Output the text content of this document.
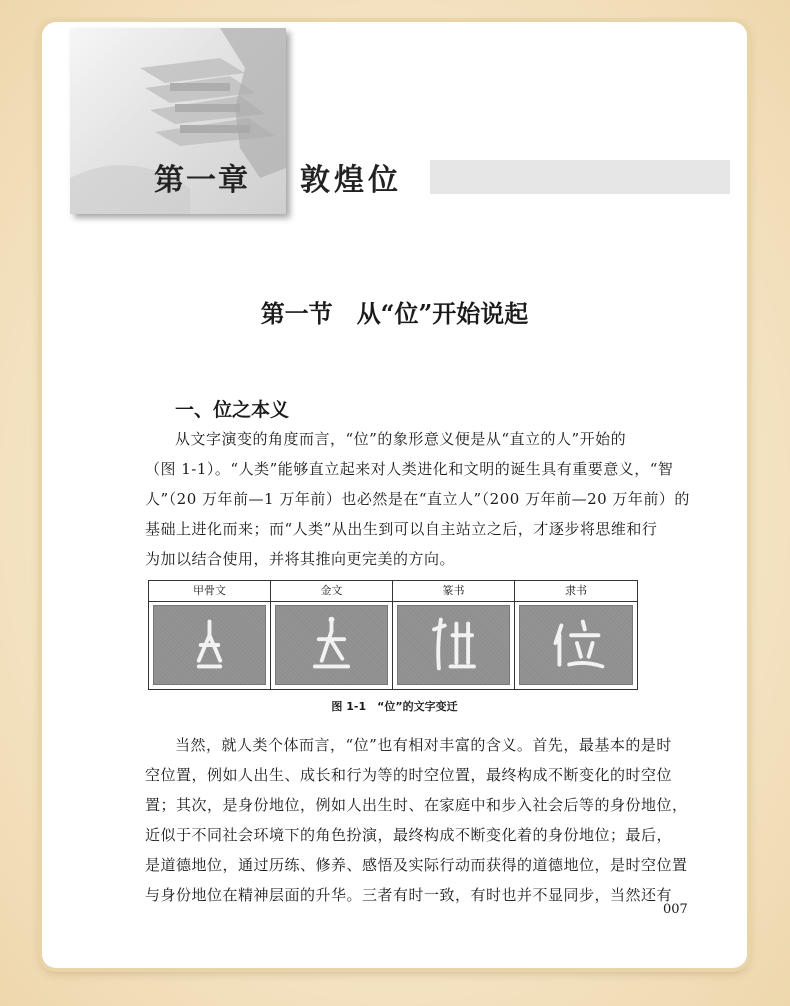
第一章 敦煌位
第一节　从“位”开始说起
一、位之本义

从文字演变的角度而言，“位”的象形意义便是从“直立的人”开始的

（图 1-1）。“人类”能够直立起来对人类进化和文明的诞生具有重要意义，“智

人”（20 万年前—1 万年前）也必然是在“直立人”（200 万年前—20 万年前）的

基础上进化而来；而“人类”从出生到可以自主站立之后，才逐步将思维和行

为加以结合使用，并将其推向更完美的方向。

甲骨文	金文	篆书	隶书
图 1-1　“位”的文字变迁

当然，就人类个体而言，“位”也有相对丰富的含义。首先，最基本的是时

空位置，例如人出生、成长和行为等的时空位置，最终构成不断变化的时空位

置；其次，是身份地位，例如人出生时、在家庭中和步入社会后等的身份地位，

近似于不同社会环境下的角色扮演，最终构成不断变化着的身份地位；最后，

是道德地位，通过历练、修养、感悟及实际行动而获得的道德地位，是时空位置

与身份地位在精神层面的升华。三者有时一致，有时也并不显同步，当然还有

007
